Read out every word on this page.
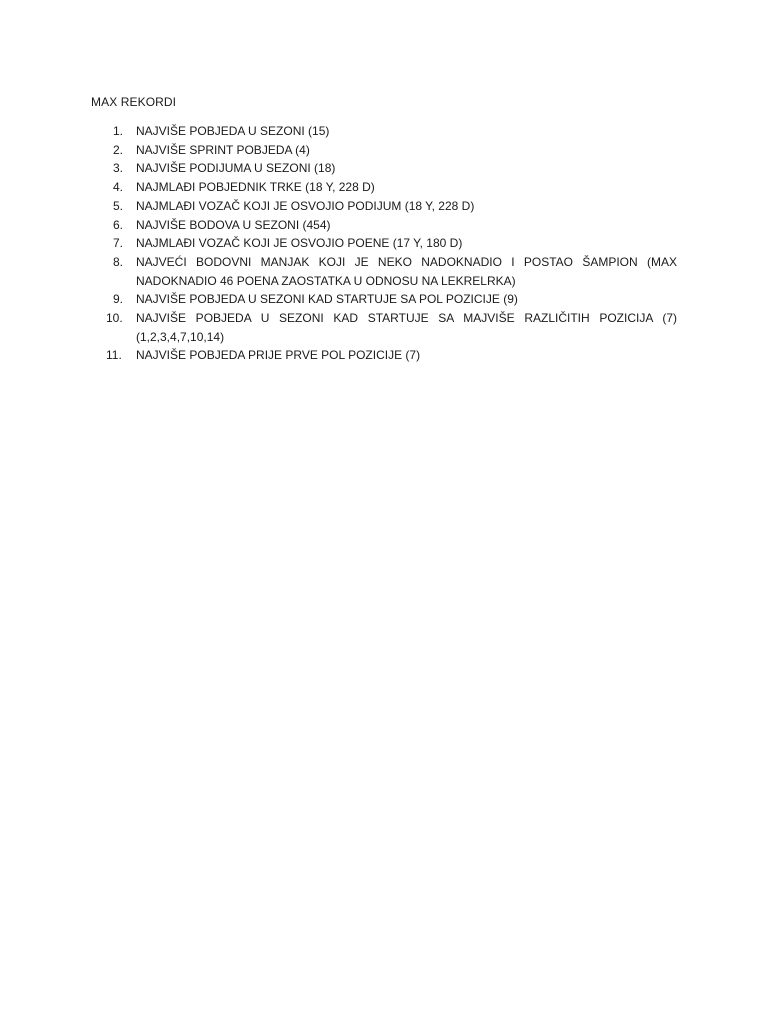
MAX REKORDI
1.	NAJVIŠE POBJEDA U SEZONI (15)
2.	NAJVIŠE SPRINT POBJEDA (4)
3.	NAJVIŠE PODIJUMA U SEZONI (18)
4.	NAJMLAĐI POBJEDNIK TRKE (18 Y, 228 D)
5.	NAJMLAĐI VOZAČ KOJI JE OSVOJIO PODIJUM (18 Y, 228 D)
6.	NAJVIŠE BODOVA U SEZONI (454)
7.	NAJMLAĐI VOZAČ KOJI JE OSVOJIO POENE (17 Y, 180 D)
8.	NAJVEĆI BODOVNI MANJAK KOJI JE NEKO NADOKNADIO I POSTAO ŠAMPION (MAX NADOKNADIO 46 POENA ZAOSTATKA U ODNOSU NA LEKRELRKA)
9.	NAJVIŠE POBJEDA U SEZONI KAD STARTUJE SA POL POZICIJE (9)
10.	NAJVIŠE POBJEDA U SEZONI KAD STARTUJE SA MAJVIŠE RAZLIČITIH POZICIJA (7) (1,2,3,4,7,10,14)
11.	NAJVIŠE POBJEDA PRIJE PRVE POL POZICIJE (7)
